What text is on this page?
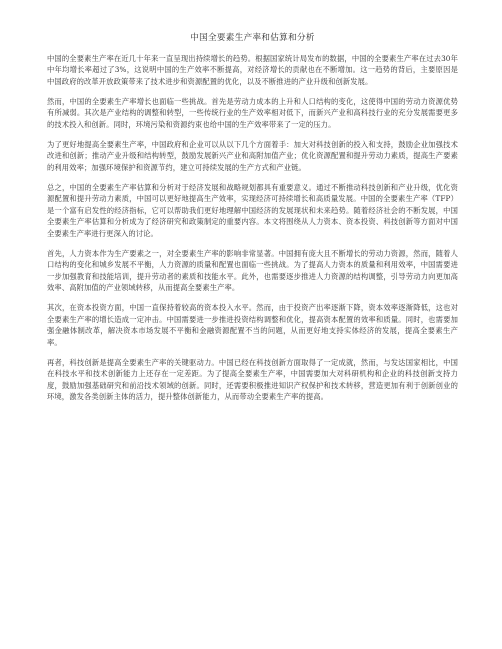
中国全要素生产率和估算和分析

中国的全要素生产率在近几十年来一直呈现出持续增长的趋势。根据国家统计局发布的数据，中国的全要素生产率在过去30年中年均增长率超过了3%，这说明中国的生产效率不断提高，对经济增长的贡献也在不断增加。这一趋势的背后，主要原因是中国政府的改革开放政策带来了技术进步和资源配置的优化，以及不断推进的产业升级和创新发展。

然而，中国的全要素生产率增长也面临一些挑战。首先是劳动力成本的上升和人口结构的变化，这使得中国的劳动力资源优势有所减弱。其次是产业结构的调整和转型，一些传统行业的生产效率相对低下，而新兴产业和高科技行业的充分发展需要更多的技术投入和创新。同时，环境污染和资源约束也给中国的生产效率带来了一定的压力。

为了更好地提高全要素生产率，中国政府和企业可以从以下几个方面着手：加大对科技创新的投入和支持，鼓励企业加强技术改进和创新；推动产业升级和结构转型，鼓励发展新兴产业和高附加值产业；优化资源配置和提升劳动力素质，提高生产要素的利用效率；加强环境保护和资源节约，建立可持续发展的生产方式和产业链。

总之，中国的全要素生产率估算和分析对于经济发展和战略规划都具有重要意义。通过不断推动科技创新和产业升级，优化资源配置和提升劳动力素质，中国可以更好地提高生产效率，实现经济可持续增长和高质量发展。中国的全要素生产率（TFP）是一个富有启发性的经济指标，它可以帮助我们更好地理解中国经济的发展现状和未来趋势。随着经济社会的不断发展，中国全要素生产率估算和分析成为了经济研究和政策制定的重要内容。本文将围绕从人力资本、资本投资、科技创新等方面对中国全要素生产率进行更深入的讨论。

首先，人力资本作为生产要素之一，对全要素生产率的影响非常显著。中国拥有庞大且不断增长的劳动力资源，然而，随着人口结构的变化和城乡发展不平衡，人力资源的质量和配置也面临一些挑战。为了提高人力资本的质量和利用效率，中国需要进一步加强教育和技能培训，提升劳动者的素质和技能水平。此外，也需要逐步推进人力资源的结构调整，引导劳动力向更加高效率、高附加值的产业领域转移，从而提高全要素生产率。

其次，在资本投资方面，中国一直保持着较高的资本投入水平。然而，由于投资产出率逐渐下降，资本效率逐渐降低，这也对全要素生产率的增长造成一定冲击。中国需要进一步推进投资结构调整和优化，提高资本配置的效率和质量。同时，也需要加强金融体制改革，解决资本市场发展不平衡和金融资源配置不当的问题，从而更好地支持实体经济的发展，提高全要素生产率。

再者，科技创新是提高全要素生产率的关键驱动力。中国已经在科技创新方面取得了一定成就，然而，与发达国家相比，中国在科技水平和技术创新能力上还存在一定差距。为了提高全要素生产率，中国需要加大对科研机构和企业的科技创新支持力度，鼓励加强基础研究和前沿技术领域的创新。同时，还需要积极推进知识产权保护和技术转移，营造更加有利于创新创业的环境，激发各类创新主体的活力，提升整体创新能力，从而带动全要素生产率的提高。
